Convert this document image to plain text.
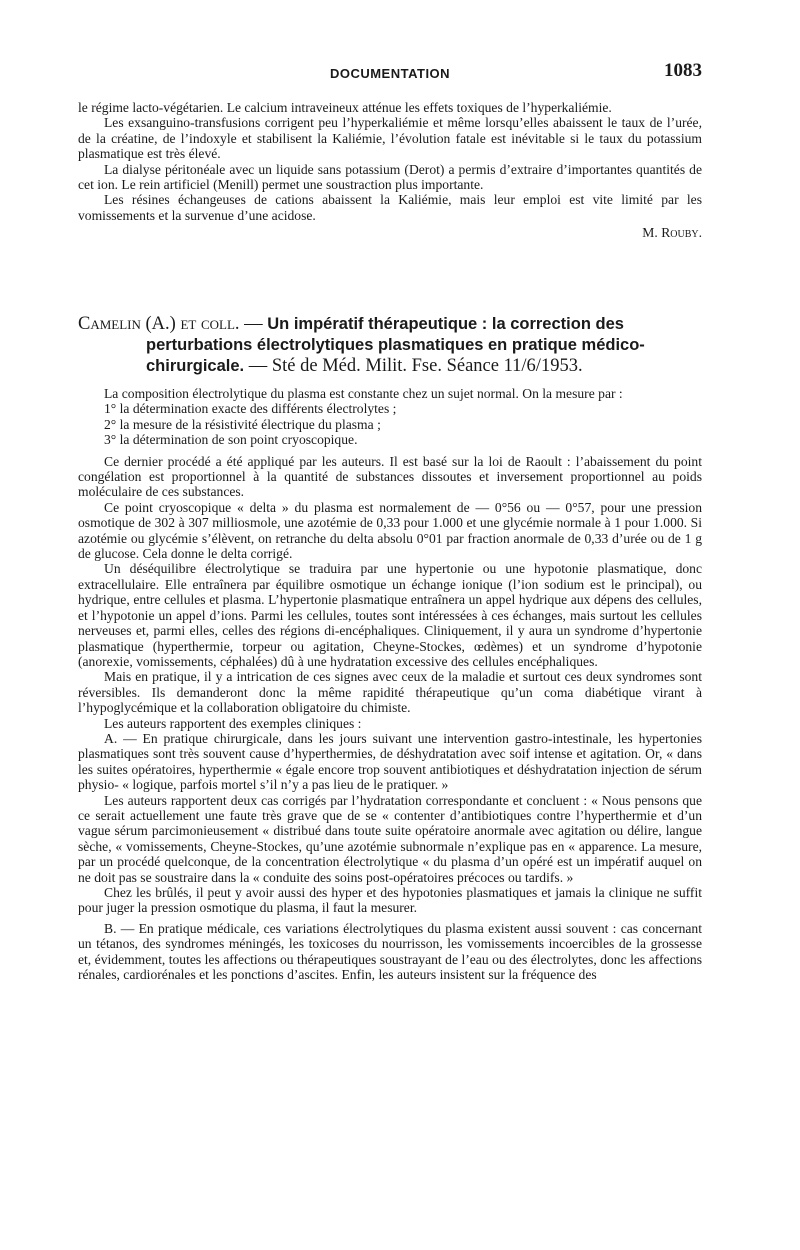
DOCUMENTATION	1083

le régime lacto-végétarien. Le calcium intraveineux atténue les effets toxiques de l’hyperkaliémie.

Les exsanguino-transfusions corrigent peu l’hyperkaliémie et même lorsqu’elles abaissent le taux de l’urée, de la créatine, de l’indoxyle et stabilisent la Kaliémie, l’évolution fatale est inévitable si le taux du potassium plasmatique est très élevé.

La dialyse péritonéale avec un liquide sans potassium (Derot) a permis d’extraire d’importantes quantités de cet ion. Le rein artificiel (Menill) permet une soustraction plus importante.

Les résines échangeuses de cations abaissent la Kaliémie, mais leur emploi est vite limité par les vomissements et la survenue d’une acidose.

M. Rouby.
Camelin (A.) et coll. — Un impératif thérapeutique : la correction des perturbations électrolytiques plasmatiques en pratique médico-chirurgicale. — Sté de Méd. Milit. Fse. Séance 11/6/1953.

La composition électrolytique du plasma est constante chez un sujet normal. On la mesure par :

1° la détermination exacte des différents électrolytes ;
2° la mesure de la résistivité électrique du plasma ;
3° la détermination de son point cryoscopique.

Ce dernier procédé a été appliqué par les auteurs. Il est basé sur la loi de Raoult : l’abaissement du point congélation est proportionnel à la quantité de substances dissoutes et inversement proportionnel au poids moléculaire de ces substances.

Ce point cryoscopique « delta » du plasma est normalement de — 0°56 ou — 0°57, pour une pression osmotique de 302 à 307 milliosmole, une azotémie de 0,33 pour 1.000 et une glycémie normale à 1 pour 1.000. Si azotémie ou glycémie s’élèvent, on retranche du delta absolu 0°01 par fraction anormale de 0,33 d’urée ou de 1 g de glucose. Cela donne le delta corrigé.

Un déséquilibre électrolytique se traduira par une hypertonie ou une hypotonie plasmatique, donc extracellulaire. Elle entraînera par équilibre osmotique un échange ionique (l’ion sodium est le principal), ou hydrique, entre cellules et plasma. L’hypertonie plasmatique entraînera un appel hydrique aux dépens des cellules, et l’hypotonie un appel d’ions. Parmi les cellules, toutes sont intéressées à ces échanges, mais surtout les cellules nerveuses et, parmi elles, celles des régions di-encéphaliques. Cliniquement, il y aura un syndrome d’hypertonie plasmatique (hyperthermie, torpeur ou agitation, Cheyne-Stockes, œdèmes) et un syndrome d’hypotonie (anorexie, vomissements, céphalées) dû à une hydratation excessive des cellules encéphaliques.

Mais en pratique, il y a intrication de ces signes avec ceux de la maladie et surtout ces deux syndromes sont réversibles. Ils demanderont donc la même rapidité thérapeutique qu’un coma diabétique virant à l’hypoglycémique et la collaboration obligatoire du chimiste.

Les auteurs rapportent des exemples cliniques :

A. — En pratique chirurgicale, dans les jours suivant une intervention gastro-intestinale, les hypertonies plasmatiques sont très souvent cause d’hyperthermies, de déshydratation avec soif intense et agitation. Or, « dans les suites opératoires, hyperthermie « égale encore trop souvent antibiotiques et déshydratation injection de sérum physio- « logique, parfois mortel s’il n’y a pas lieu de le pratiquer. »

Les auteurs rapportent deux cas corrigés par l’hydratation correspondante et concluent : « Nous pensons que ce serait actuellement une faute très grave que de se « contenter d’antibiotiques contre l’hyperthermie et d’un vague sérum parcimonieusement « distribué dans toute suite opératoire anormale avec agitation ou délire, langue sèche, « vomissements, Cheyne-Stockes, qu’une azotémie subnormale n’explique pas en « apparence. La mesure, par un procédé quelconque, de la concentration électrolytique « du plasma d’un opéré est un impératif auquel on ne doit pas se soustraire dans la « conduite des soins post-opératoires précoces ou tardifs. »

Chez les brûlés, il peut y avoir aussi des hyper et des hypotonies plasmatiques et jamais la clinique ne suffit pour juger la pression osmotique du plasma, il faut la mesurer.

B. — En pratique médicale, ces variations électrolytiques du plasma existent aussi souvent : cas concernant un tétanos, des syndromes méningés, les toxicoses du nourrisson, les vomissements incoercibles de la grossesse et, évidemment, toutes les affections ou thérapeutiques soustrayant de l’eau ou des électrolytes, donc les affections rénales, cardiorénales et les ponctions d’ascites. Enfin, les auteurs insistent sur la fréquence des
